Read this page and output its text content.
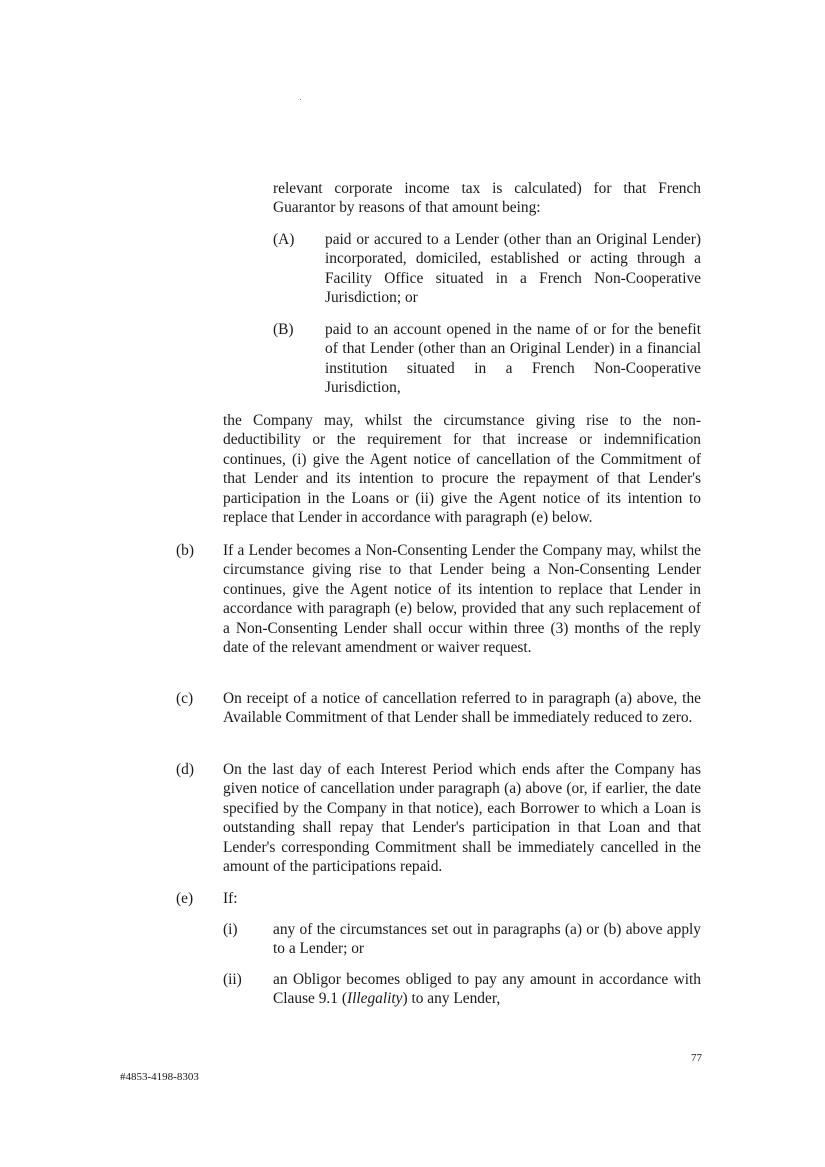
relevant corporate income tax is calculated) for that French Guarantor by reasons of that amount being:

(A) paid or accured to a Lender (other than an Original Lender) incorporated, domiciled, established or acting through a Facility Office situated in a French Non-Cooperative Jurisdiction; or

(B) paid to an account opened in the name of or for the benefit of that Lender (other than an Original Lender) in a financial institution situated in a French Non-Cooperative Jurisdiction,

the Company may, whilst the circumstance giving rise to the non-deductibility or the requirement for that increase or indemnification continues, (i) give the Agent notice of cancellation of the Commitment of that Lender and its intention to procure the repayment of that Lender's participation in the Loans or (ii) give the Agent notice of its intention to replace that Lender in accordance with paragraph (e) below.

(b) If a Lender becomes a Non-Consenting Lender the Company may, whilst the circumstance giving rise to that Lender being a Non-Consenting Lender continues, give the Agent notice of its intention to replace that Lender in accordance with paragraph (e) below, provided that any such replacement of a Non-Consenting Lender shall occur within three (3) months of the reply date of the relevant amendment or waiver request.

(c) On receipt of a notice of cancellation referred to in paragraph (a) above, the Available Commitment of that Lender shall be immediately reduced to zero.

(d) On the last day of each Interest Period which ends after the Company has given notice of cancellation under paragraph (a) above (or, if earlier, the date specified by the Company in that notice), each Borrower to which a Loan is outstanding shall repay that Lender's participation in that Loan and that Lender's corresponding Commitment shall be immediately cancelled in the amount of the participations repaid.

(e) If:

(i) any of the circumstances set out in paragraphs (a) or (b) above apply to a Lender; or

(ii) an Obligor becomes obliged to pay any amount in accordance with Clause 9.1 (Illegality) to any Lender,

77
#4853-4198-8303
